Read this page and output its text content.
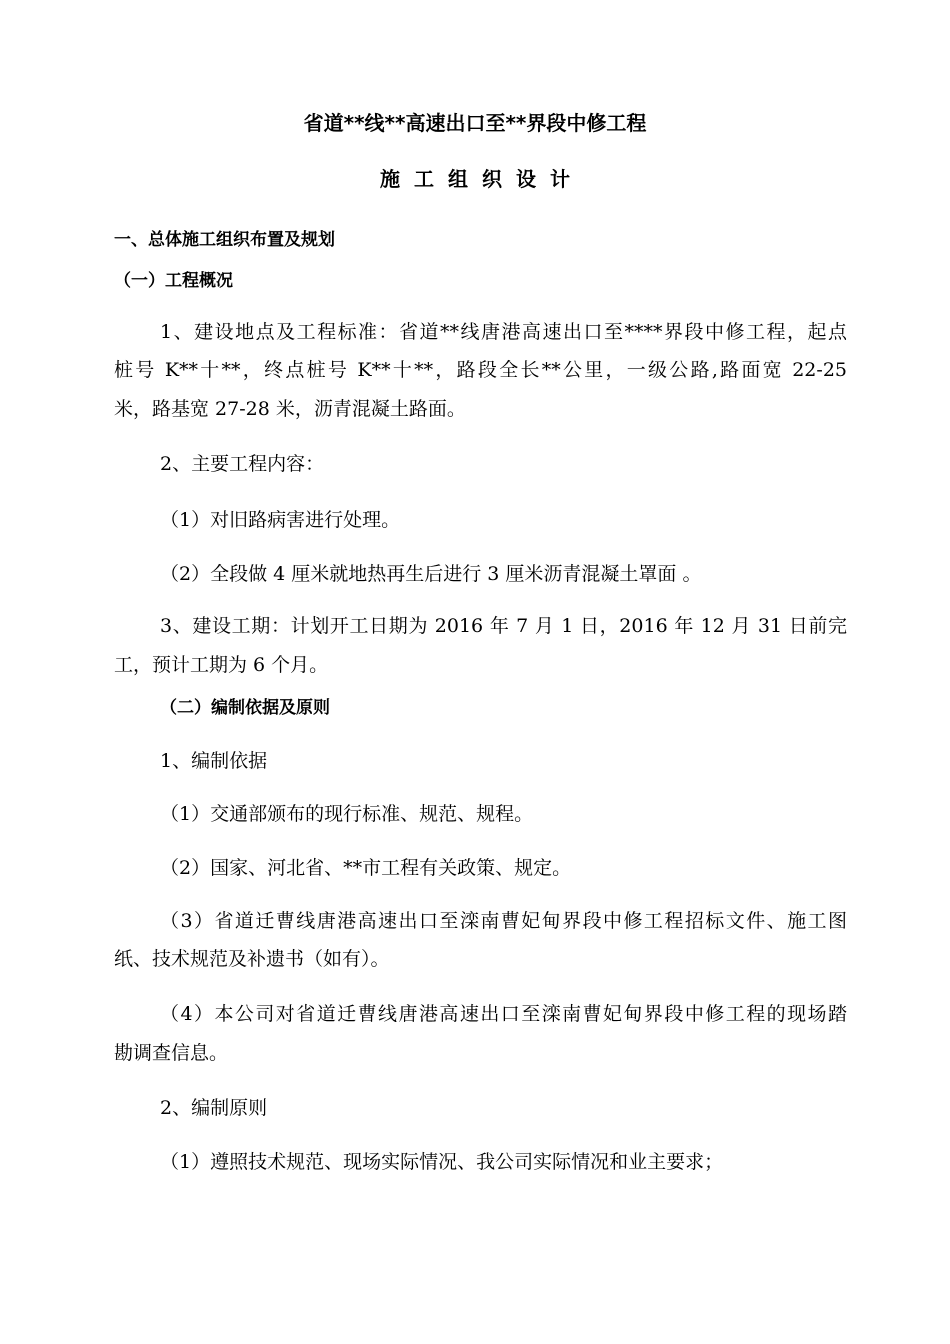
省道**线**高速出口至**界段中修工程
施工组织设计
一、总体施工组织布置及规划
（一）工程概况
1、建设地点及工程标准：省道**线唐港高速出口至****界段中修工程，起点
桩号 K**十**，终点桩号 K**十**，路段全长**公里，一级公路,路面宽 22-25
米，路基宽 27-28 米，沥青混凝土路面。
2、主要工程内容：
（1）对旧路病害进行处理。
（2）全段做 4 厘米就地热再生后进行 3 厘米沥青混凝土罩面 。
3、建设工期：计划开工日期为 2016 年 7 月 1 日，2016 年 12 月 31 日前完
工，预计工期为 6 个月。
（二）编制依据及原则
1、编制依据
（1）交通部颁布的现行标准、规范、规程。
（2）国家、河北省、**市工程有关政策、规定。
（3）省道迁曹线唐港高速出口至滦南曹妃甸界段中修工程招标文件、施工图
纸、技术规范及补遗书（如有）。
（4）本公司对省道迁曹线唐港高速出口至滦南曹妃甸界段中修工程的现场踏
勘调查信息。
2、编制原则
（1）遵照技术规范、现场实际情况、我公司实际情况和业主要求；
